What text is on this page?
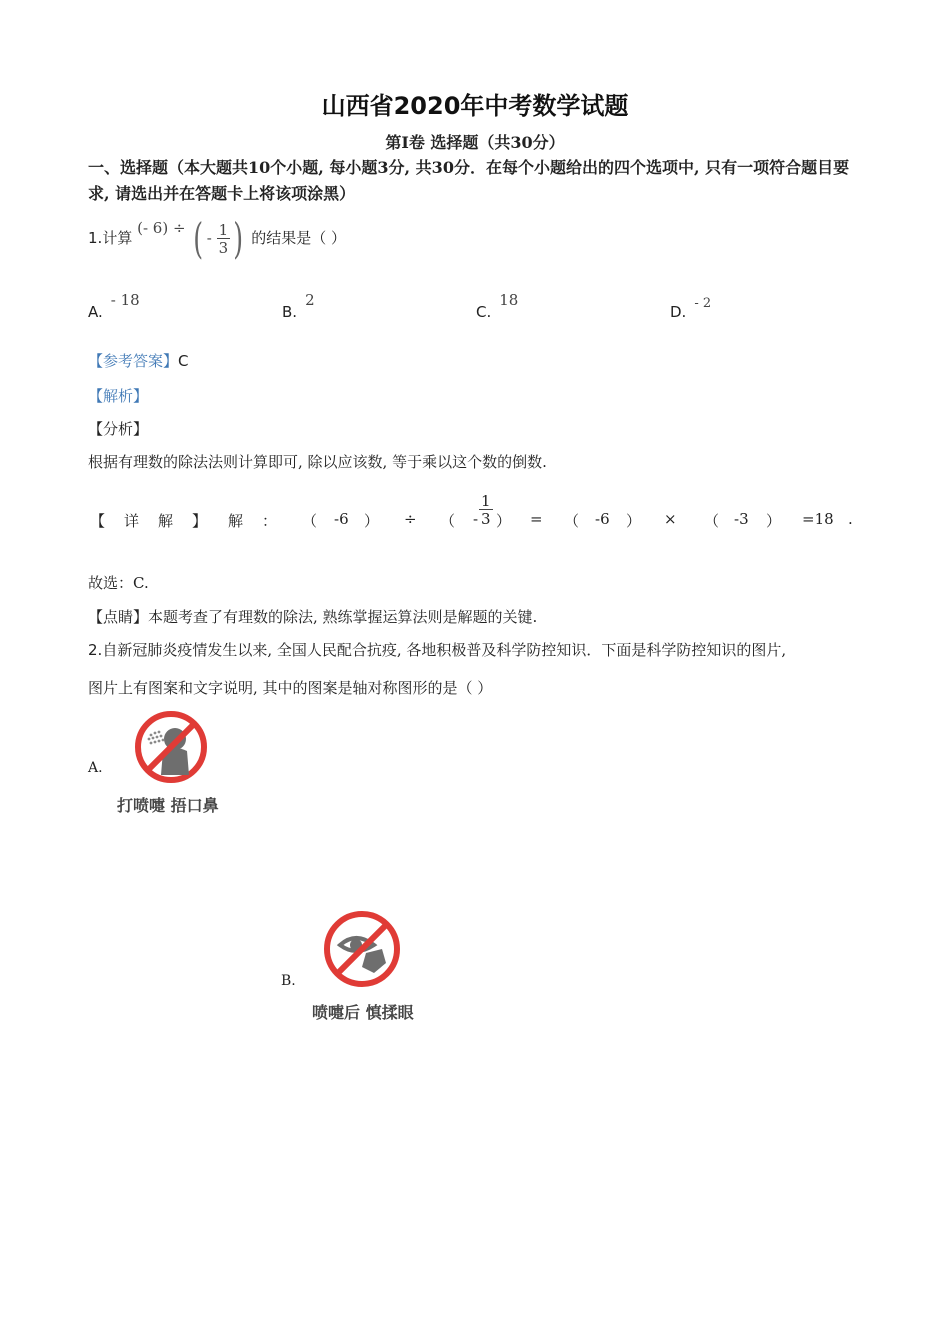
山西省2020年中考数学试题
第I卷 选择题（共30分）
一、选择题（本大题共10个小题, 每小题3分, 共30分．在每个小题给出的四个选项中, 只有一项符合题目要求, 请选出并在答题卡上将该项涂黑）
1.计算 (- 6) ÷ ( - $\frac{1}{3}$ ) 的结果是（ ）
A.- 18
B.2
C.18
D. $^{- 2}$
【参考答案】C
【解析】
【分析】
根据有理数的除法法则计算即可, 除以应该数, 等于乘以这个数的倒数.
【 详 解 】 解 ： （ -6 ） ÷ （ - $\frac{1}{3}$ ） = （ -6 ） × （ -3 ） =18 .
故选：C.
【点睛】本题考查了有理数的除法, 熟练掌握运算法则是解题的关键.
2.自新冠肺炎疫情发生以来, 全国人民配合抗疫, 各地积极普及科学防控知识．下面是科学防控知识的图片,
图片上有图案和文字说明, 其中的图案是轴对称图形的是（ ）
A.
打喷嚏 捂口鼻
B.
喷嚏后 慎揉眼
